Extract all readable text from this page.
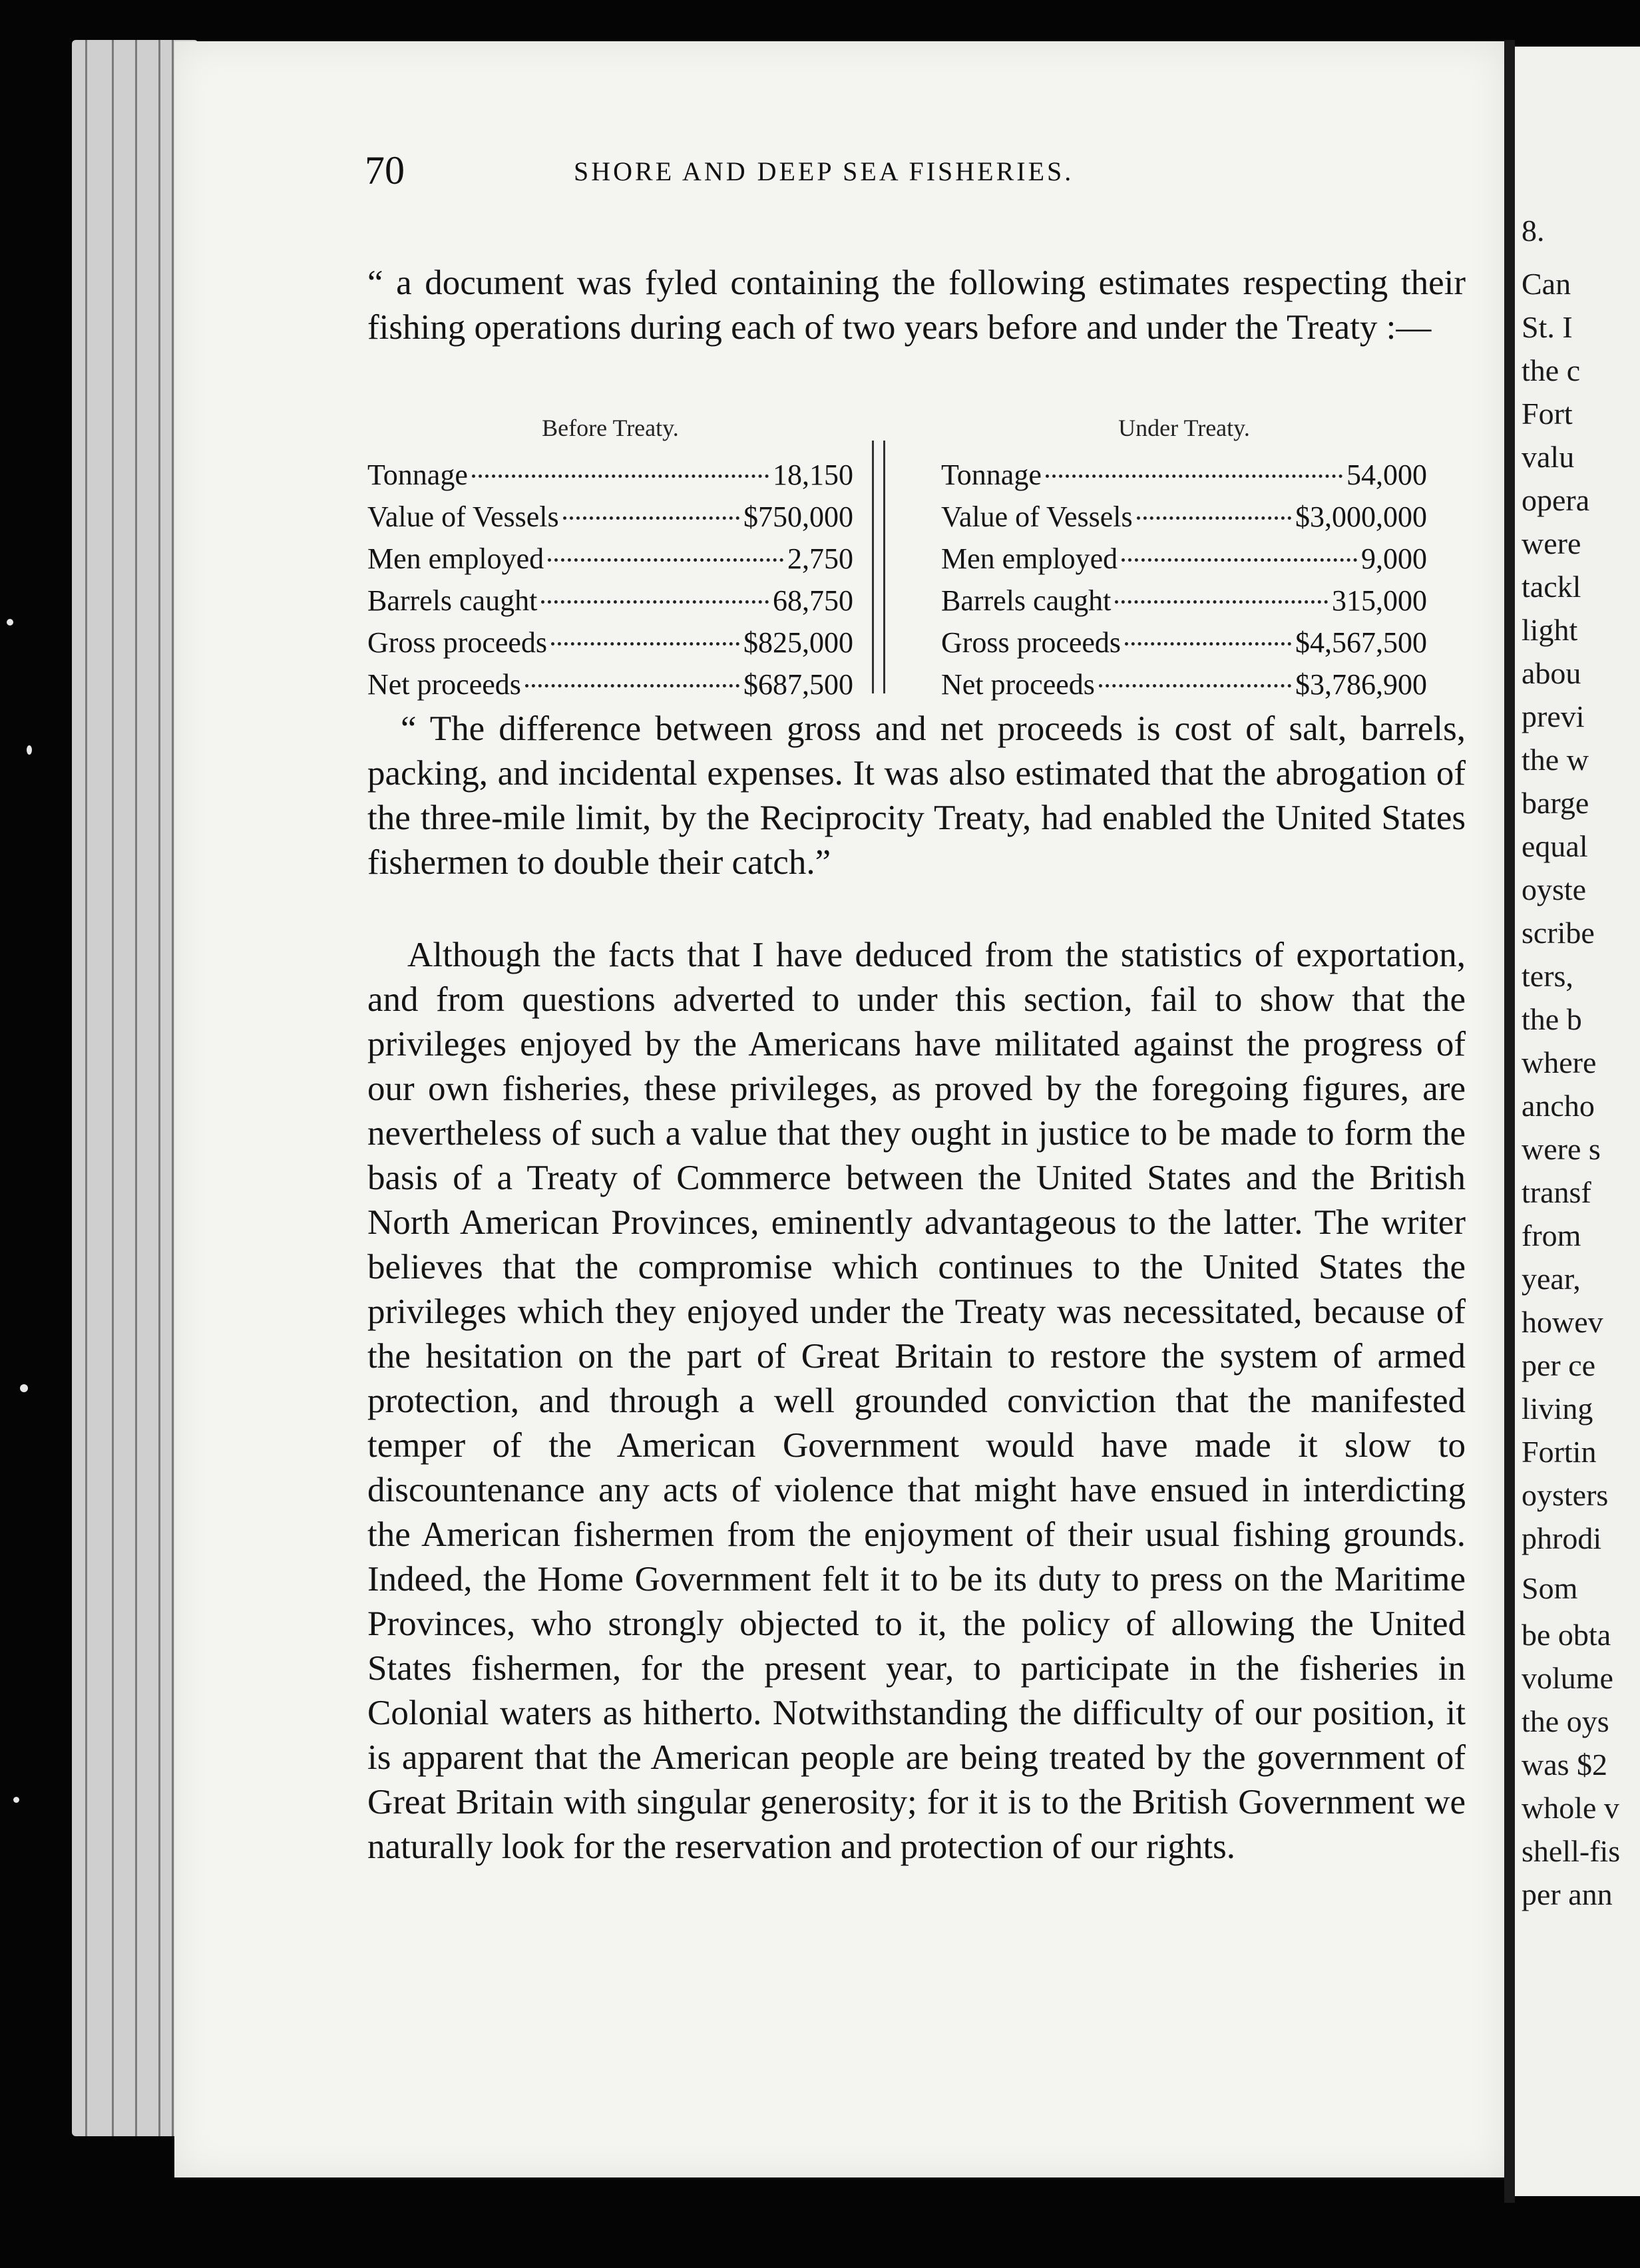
70	SHORE AND DEEP SEA FISHERIES.

“ a document was fyled containing the following estimates respecting their fishing operations during each of two years before and under the Treaty :—

Before Treaty.
Tonnage	18,150
Value of Vessels	$750,000
Men employed	2,750
Barrels caught	68,750
Gross proceeds	$825,000
Net proceeds	$687,500
Under Treaty.
Tonnage	54,000
Value of Vessels	$3,000,000
Men employed	9,000
Barrels caught	315,000
Gross proceeds	$4,567,500
Net proceeds	$3,786,900

“ The difference between gross and net proceeds is cost of salt, barrels, packing, and incidental expenses. It was also estimated that the abrogation of the three-mile limit, by the Reciprocity Treaty, had enabled the United States fishermen to double their catch.”

Although the facts that I have deduced from the statistics of exportation, and from questions adverted to under this section, fail to show that the privileges enjoyed by the Americans have militated against the progress of our own fisheries, these privileges, as proved by the foregoing figures, are nevertheless of such a value that they ought in justice to be made to form the basis of a Treaty of Commerce between the United States and the British North American Provinces, eminently advantageous to the latter. The writer believes that the compromise which continues to the United States the privileges which they enjoyed under the Treaty was necessitated, because of the hesitation on the part of Great Britain to restore the system of armed protection, and through a well grounded conviction that the manifested temper of the American Government would have made it slow to discountenance any acts of violence that might have ensued in interdicting the American fishermen from the enjoyment of their usual fishing grounds. Indeed, the Home Government felt it to be its duty to press on the Maritime Provinces, who strongly objected to it, the policy of allowing the United States fishermen, for the present year, to participate in the fisheries in Colonial waters as hitherto. Notwithstanding the difficulty of our position, it is apparent that the American people are being treated by the government of Great Britain with singular generosity; for it is to the British Government we naturally look for the reservation and protection of our rights.

8.
Can
St. I
the c
Fort
valu
opera
were
tackl
light
abou
previ
the w
barge
equal
oyste
scribe
ters,
the b
where
ancho
were s
transf
from
year,
howev
per ce
living
Fortin
oysters
phrodi
Som
be obta
volume
the oys
was $2
whole v
shell-fis
per ann
